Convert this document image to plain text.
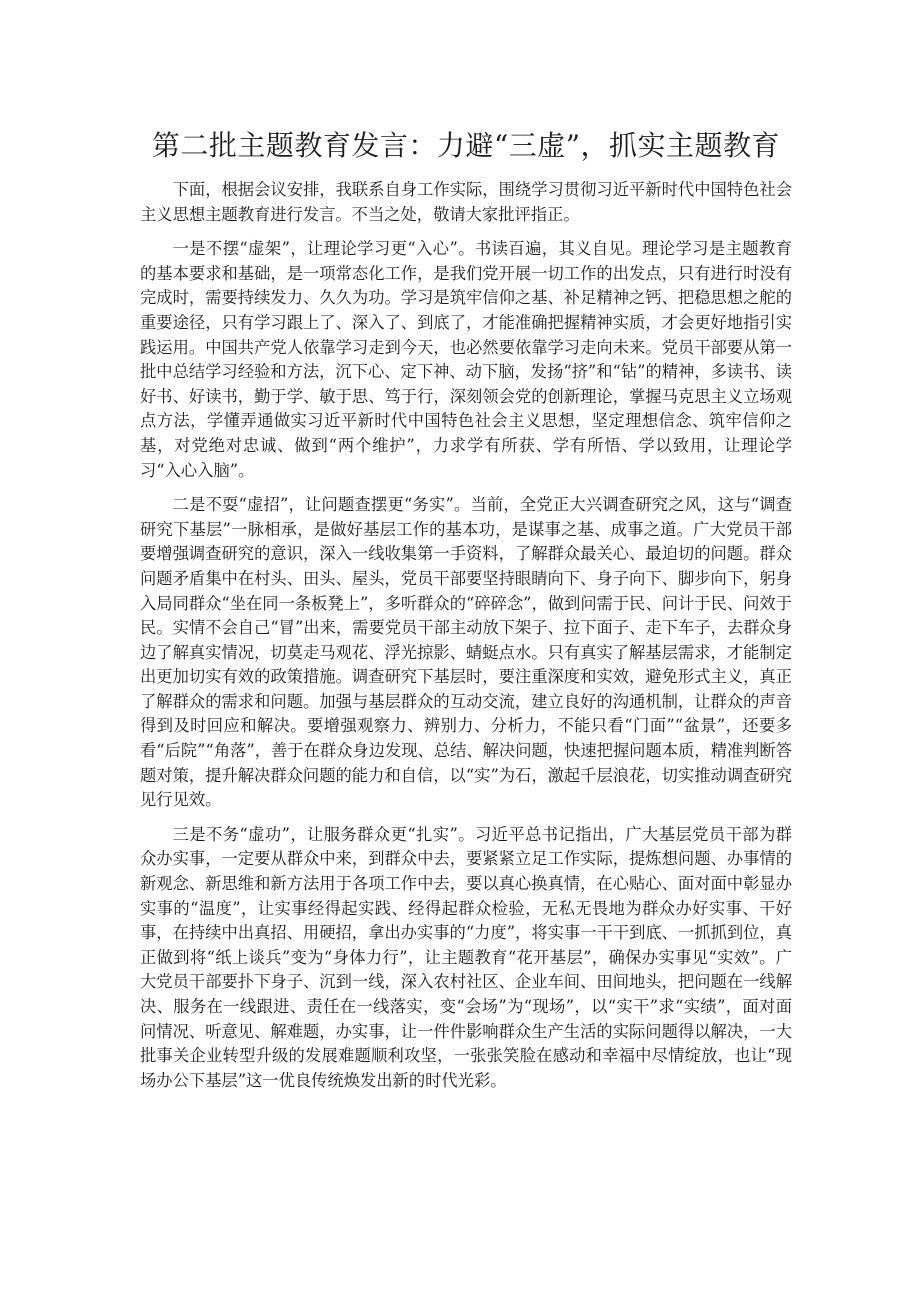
第二批主题教育发言：力避“三虚”，抓实主题教育

下面，根据会议安排，我联系自身工作实际，围绕学习贯彻习近平新时代中国特色社会主义思想主题教育进行发言。不当之处，敬请大家批评指正。

一是不摆“虚架”，让理论学习更“入心”。书读百遍，其义自见。理论学习是主题教育的基本要求和基础，是一项常态化工作，是我们党开展一切工作的出发点，只有进行时没有完成时，需要持续发力、久久为功。学习是筑牢信仰之基、补足精神之钙、把稳思想之舵的重要途径，只有学习跟上了、深入了、到底了，才能准确把握精神实质，才会更好地指引实践运用。中国共产党人依靠学习走到今天，也必然要依靠学习走向未来。党员干部要从第一批中总结学习经验和方法，沉下心、定下神、动下脑，发扬“挤”和“钻”的精神，多读书、读好书、好读书，勤于学、敏于思、笃于行，深刻领会党的创新理论，掌握马克思主义立场观点方法，学懂弄通做实习近平新时代中国特色社会主义思想，坚定理想信念、筑牢信仰之基，对党绝对忠诚、做到“两个维护”，力求学有所获、学有所悟、学以致用，让理论学习“入心入脑”。

二是不耍“虚招”，让问题查摆更“务实”。当前，全党正大兴调查研究之风，这与“调查研究下基层”一脉相承，是做好基层工作的基本功，是谋事之基、成事之道。广大党员干部要增强调查研究的意识，深入一线收集第一手资料，了解群众最关心、最迫切的问题。群众问题矛盾集中在村头、田头、屋头，党员干部要坚持眼睛向下、身子向下、脚步向下，躬身入局同群众“坐在同一条板凳上”，多听群众的“碎碎念”，做到问需于民、问计于民、问效于民。实情不会自己“冒”出来，需要党员干部主动放下架子、拉下面子、走下车子，去群众身边了解真实情况，切莫走马观花、浮光掠影、蜻蜓点水。只有真实了解基层需求，才能制定出更加切实有效的政策措施。调查研究下基层时，要注重深度和实效，避免形式主义，真正了解群众的需求和问题。加强与基层群众的互动交流，建立良好的沟通机制，让群众的声音得到及时回应和解决。要增强观察力、辨别力、分析力，不能只看“门面”“盆景”，还要多看“后院”“角落”，善于在群众身边发现、总结、解决问题，快速把握问题本质，精准判断答题对策，提升解决群众问题的能力和自信，以“实”为石，激起千层浪花，切实推动调查研究见行见效。

三是不务“虚功”，让服务群众更“扎实”。习近平总书记指出，广大基层党员干部为群众办实事，一定要从群众中来，到群众中去，要紧紧立足工作实际，提炼想问题、办事情的新观念、新思维和新方法用于各项工作中去，要以真心换真情，在心贴心、面对面中彰显办实事的“温度”，让实事经得起实践、经得起群众检验，无私无畏地为群众办好实事、干好事，在持续中出真招、用硬招，拿出办实事的“力度”，将实事一干干到底、一抓抓到位，真正做到将“纸上谈兵”变为“身体力行”，让主题教育“花开基层”，确保办实事见“实效”。广大党员干部要扑下身子、沉到一线，深入农村社区、企业车间、田间地头，把问题在一线解决、服务在一线跟进、责任在一线落实，变“会场”为“现场”，以“实干”求“实绩”，面对面问情况、听意见、解难题，办实事，让一件件影响群众生产生活的实际问题得以解决，一大批事关企业转型升级的发展难题顺利攻坚，一张张笑脸在感动和幸福中尽情绽放，也让“现场办公下基层”这一优良传统焕发出新的时代光彩。
